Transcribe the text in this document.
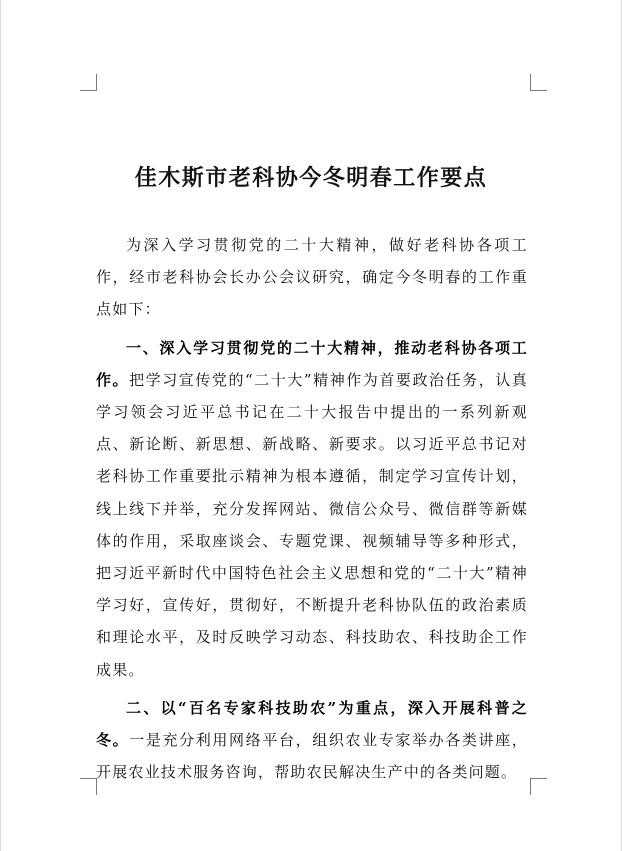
佳木斯市老科协今冬明春工作要点

为深入学习贯彻党的二十大精神，做好老科协各项工作，经市老科协会长办公会议研究，确定今冬明春的工作重点如下：

一、深入学习贯彻党的二十大精神，推动老科协各项工作。把学习宣传党的“二十大”精神作为首要政治任务，认真学习领会习近平总书记在二十大报告中提出的一系列新观点、新论断、新思想、新战略、新要求。以习近平总书记对老科协工作重要批示精神为根本遵循，制定学习宣传计划，线上线下并举，充分发挥网站、微信公众号、微信群等新媒体的作用，采取座谈会、专题党课、视频辅导等多种形式，把习近平新时代中国特色社会主义思想和党的“二十大”精神学习好，宣传好，贯彻好，不断提升老科协队伍的政治素质和理论水平，及时反映学习动态、科技助农、科技助企工作成果。

二、以“百名专家科技助农”为重点，深入开展科普之冬。一是充分利用网络平台，组织农业专家举办各类讲座，开展农业技术服务咨询，帮助农民解决生产中的各类问题。
